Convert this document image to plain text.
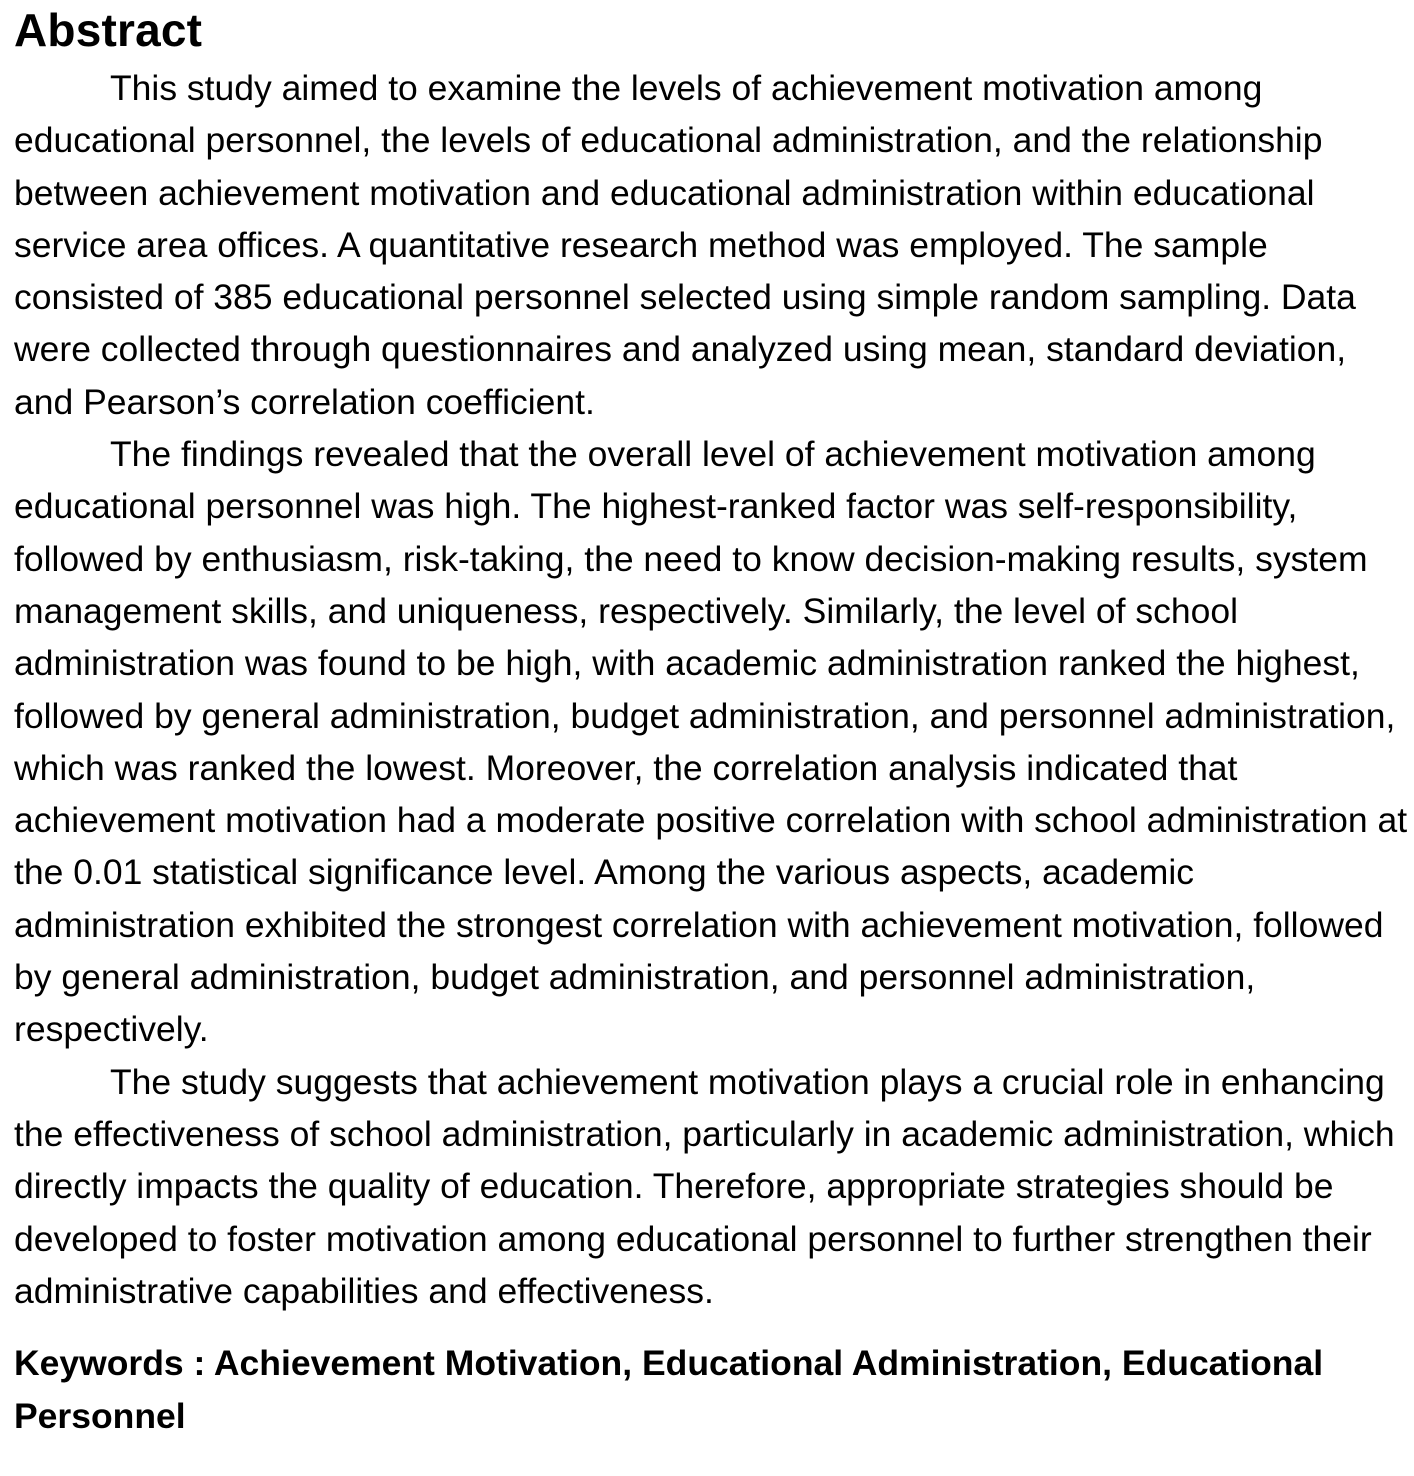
Abstract

This study aimed to examine the levels of achievement motivation among educational personnel, the levels of educational administration, and the relationship between achievement motivation and educational administration within educational service area offices. A quantitative research method was employed. The sample consisted of 385 educational personnel selected using simple random sampling. Data were collected through questionnaires and analyzed using mean, standard deviation, and Pearson’s correlation coefficient.

The findings revealed that the overall level of achievement motivation among educational personnel was high. The highest-ranked factor was self-responsibility, followed by enthusiasm, risk-taking, the need to know decision-making results, system management skills, and uniqueness, respectively. Similarly, the level of school administration was found to be high, with academic administration ranked the highest, followed by general administration, budget administration, and personnel administration, which was ranked the lowest. Moreover, the correlation analysis indicated that achievement motivation had a moderate positive correlation with school administration at the 0.01 statistical significance level. Among the various aspects, academic administration exhibited the strongest correlation with achievement motivation, followed by general administration, budget administration, and personnel administration, respectively.

The study suggests that achievement motivation plays a crucial role in enhancing the effectiveness of school administration, particularly in academic administration, which directly impacts the quality of education. Therefore, appropriate strategies should be developed to foster motivation among educational personnel to further strengthen their administrative capabilities and effectiveness.

Keywords : Achievement Motivation, Educational Administration, Educational Personnel
